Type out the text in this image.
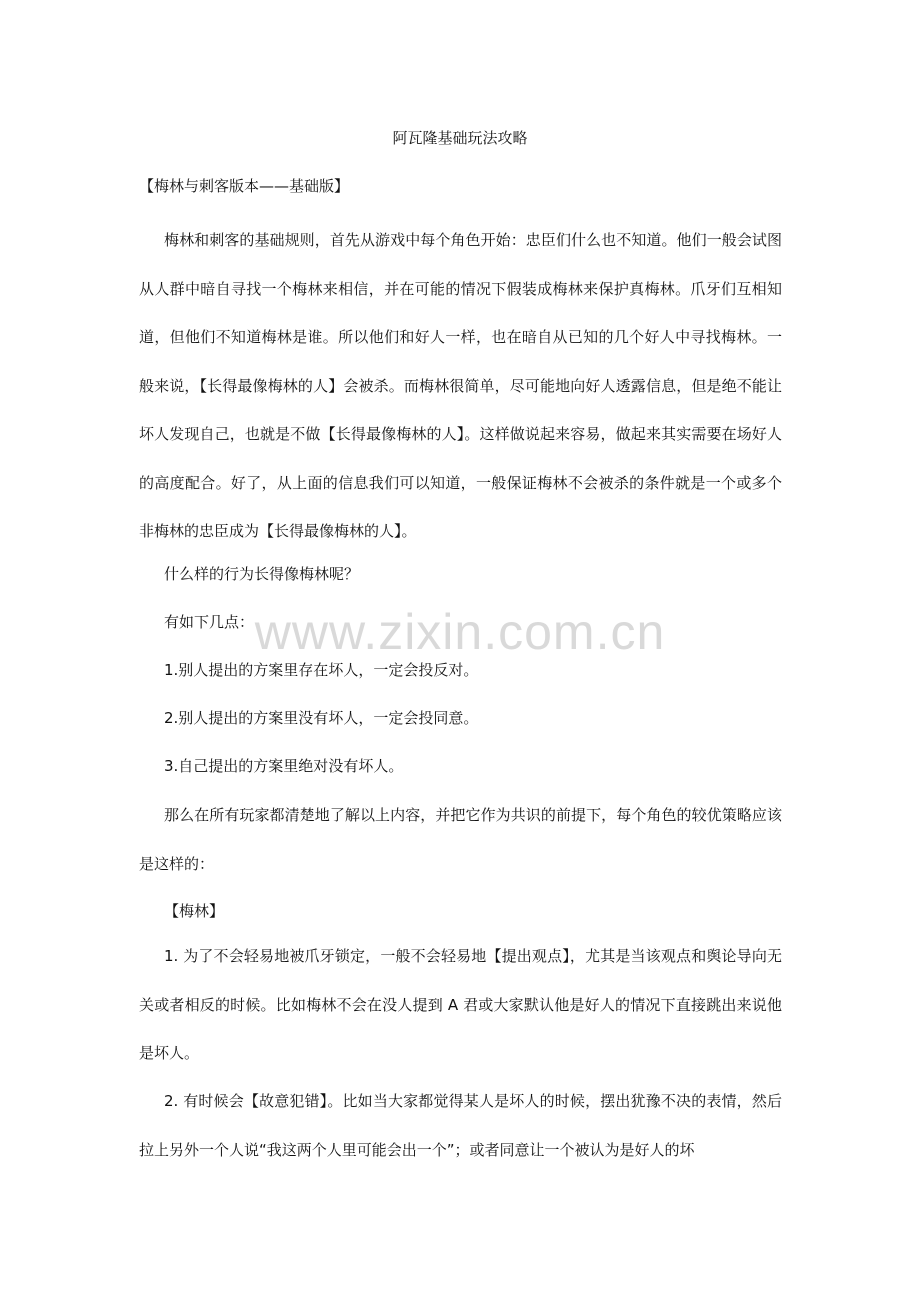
阿瓦隆基础玩法攻略

【梅林与刺客版本——基础版】

梅林和刺客的基础规则，首先从游戏中每个角色开始：忠臣们什么也不知道。他们一般会试图从人群中暗自寻找一个梅林来相信，并在可能的情况下假装成梅林来保护真梅林。爪牙们互相知道，但他们不知道梅林是谁。所以他们和好人一样，也在暗自从已知的几个好人中寻找梅林。一般来说，【长得最像梅林的人】会被杀。而梅林很简单，尽可能地向好人透露信息，但是绝不能让坏人发现自己，也就是不做【长得最像梅林的人】。这样做说起来容易，做起来其实需要在场好人的高度配合。好了，从上面的信息我们可以知道，一般保证梅林不会被杀的条件就是一个或多个非梅林的忠臣成为【长得最像梅林的人】。

什么样的行为长得像梅林呢？

有如下几点：

1.别人提出的方案里存在坏人，一定会投反对。

2.别人提出的方案里没有坏人，一定会投同意。

3.自己提出的方案里绝对没有坏人。

那么在所有玩家都清楚地了解以上内容，并把它作为共识的前提下，每个角色的较优策略应该是这样的：

【梅林】

1. 为了不会轻易地被爪牙锁定，一般不会轻易地【提出观点】，尤其是当该观点和舆论导向无关或者相反的时候。比如梅林不会在没人提到 A 君或大家默认他是好人的情况下直接跳出来说他是坏人。

2. 有时候会【故意犯错】。比如当大家都觉得某人是坏人的时候，摆出犹豫不决的表情，然后拉上另外一个人说“我这两个人里可能会出一个”；或者同意让一个被认为是好人的坏

www.zixin.com.cn
